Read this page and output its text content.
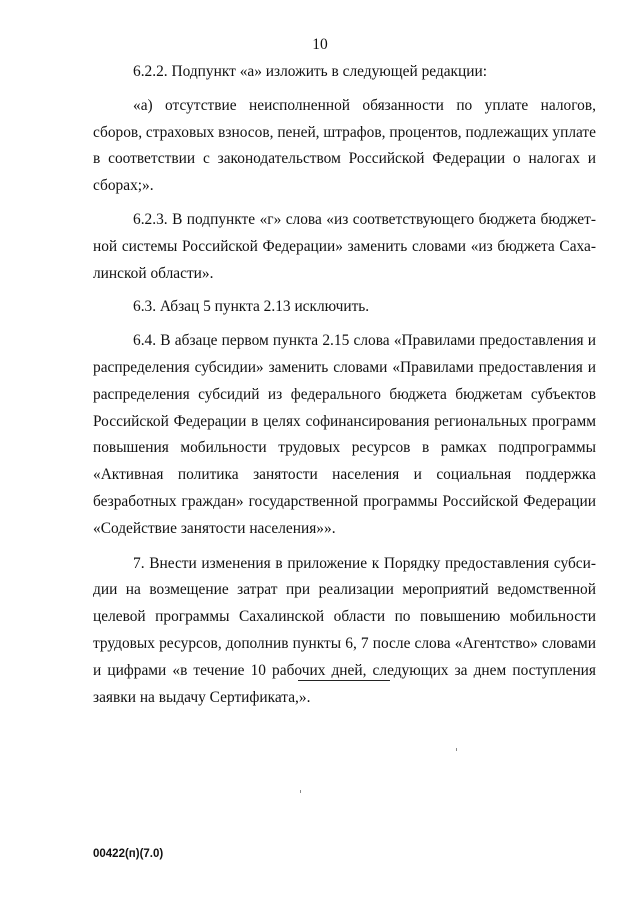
10

6.2.2. Подпункт «а» изложить в следующей редакции:

«а) отсутствие неисполненной обязанности по уплате налогов, сборов, страховых взносов, пеней, штрафов, процентов, подлежащих уплате в соответствии с законодательством Российской Федерации о налогах и сборах;».

6.2.3. В подпункте «г» слова «из соответствующего бюджета бюджетной системы Российской Федерации» заменить словами «из бюджета Сахалинской области».

6.3. Абзац 5 пункта 2.13 исключить.

6.4. В абзаце первом пункта 2.15 слова «Правилами предоставления и распределения субсидии» заменить словами «Правилами предоставления и распределения субсидий из федерального бюджета бюджетам субъектов Российской Федерации в целях софинансирования региональных программ повышения мобильности трудовых ресурсов в рамках подпрограммы «Активная политика занятости населения и социальная поддержка безработных граждан» государственной программы Российской Федерации «Содействие занятости населения»».

7. Внести изменения в приложение к Порядку предоставления субсидии на возмещение затрат при реализации мероприятий ведомственной целевой программы Сахалинской области по повышению мобильности трудовых ресурсов, дополнив пункты 6, 7 после слова «Агентство» словами и цифрами «в течение 10 рабочих дней, следующих за днем поступления заявки на выдачу Сертификата,».

00422(п)(7.0)
